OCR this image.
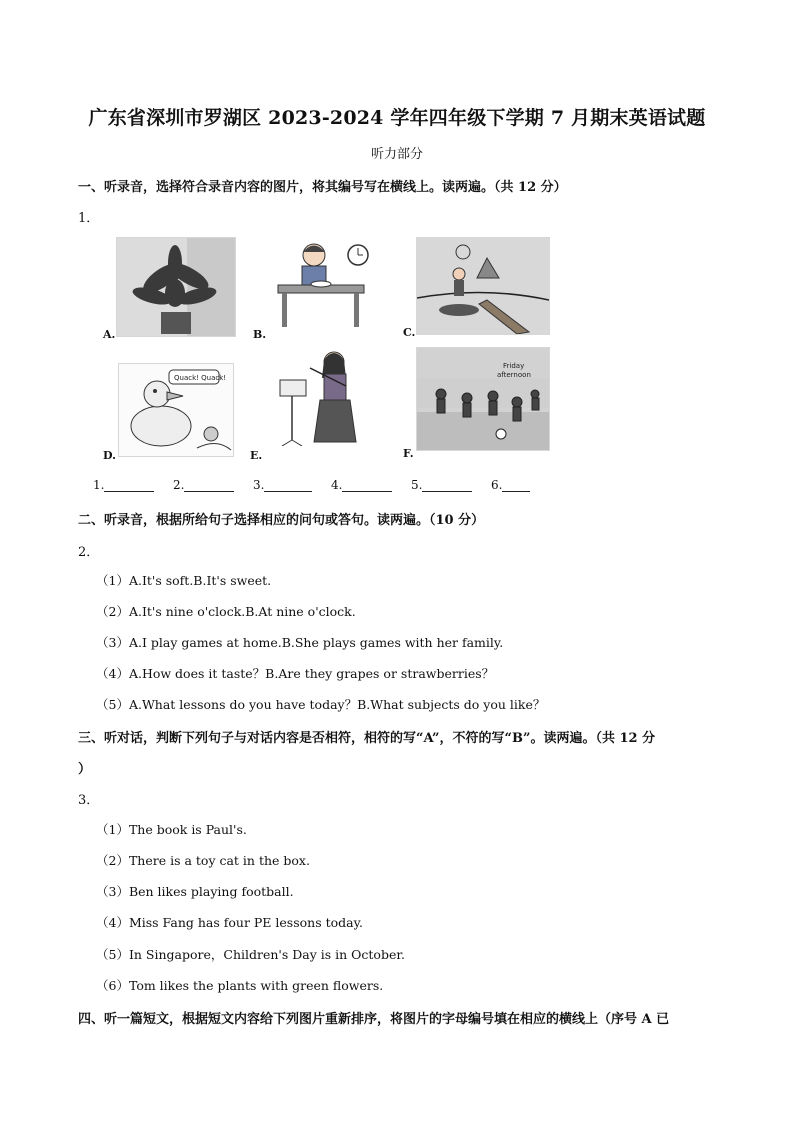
广东省深圳市罗湖区 2023-2024 学年四年级下学期 7 月期末英语试题
听力部分
一、听录音，选择符合录音内容的图片，将其编号写在横线上。读两遍。（共 12 分）
1．
A.	B.	C.
Quack! Quack!
D.	E.
Friday afternoon
F.
1.	2.	3.	4.	5.	6.
二、听录音，根据所给句子选择相应的问句或答句。读两遍。（10 分）
2．
（1）A.It's soft.B.It's sweet.
（2）A.It's nine o'clock.B.At nine o'clock.
（3）A.I play games at home.B.She plays games with her family.
（4）A.How does it taste？B.Are they grapes or strawberries？
（5）A.What lessons do you have today？B.What subjects do you like？
三、听对话，判断下列句子与对话内容是否相符，相符的写“A”，不符的写“B”。读两遍。（共 12 分
）
3．
（1）The book is Paul's.
（2）There is a toy cat in the box.
（3）Ben likes playing football.
（4）Miss Fang has four PE lessons today.
（5）In Singapore，Children's Day is in October.
（6）Tom likes the plants with green flowers.
四、听一篇短文，根据短文内容给下列图片重新排序，将图片的字母编号填在相应的横线上（序号 A 已
